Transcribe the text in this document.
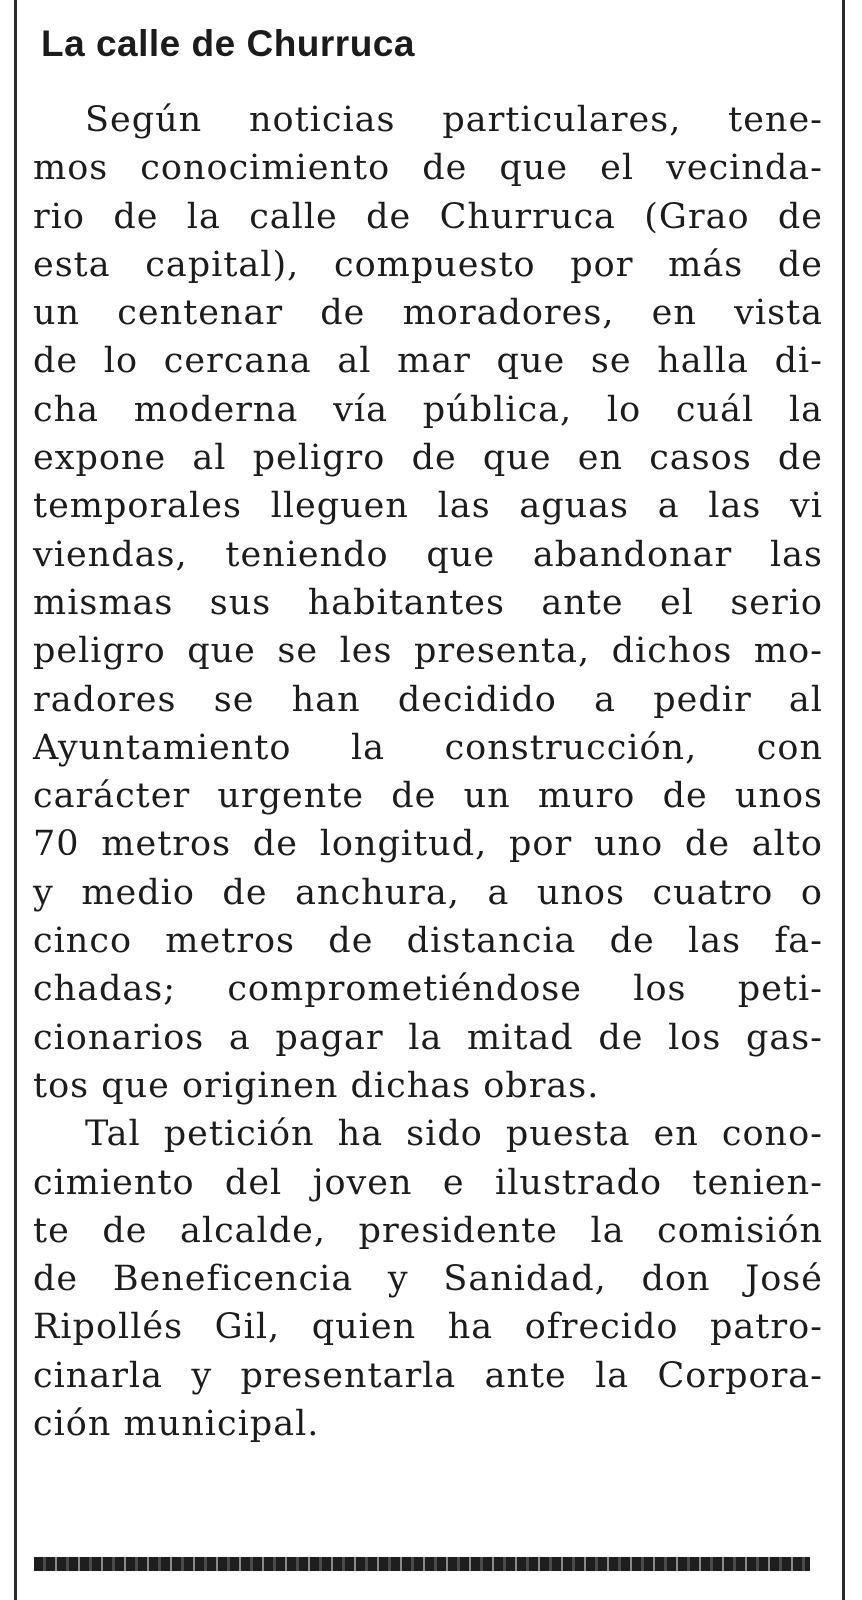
La calle de Churruca
Según noticias particulares, tene-
mos conocimiento de que el vecinda-
rio de la calle de Churruca (Grao de
esta capital), compuesto por más de
un centenar de moradores, en vista
de lo cercana al mar que se halla di-
cha moderna vía pública, lo cuál la
expone al peligro de que en casos de
temporales lleguen las aguas a las vi
viendas, teniendo que abandonar las
mismas sus habitantes ante el serio
peligro que se les presenta, dichos mo-
radores se han decidido a pedir al
Ayuntamiento la construcción, con
carácter urgente de un muro de unos
70 metros de longitud, por uno de alto
y medio de anchura, a unos cuatro o
cinco metros de distancia de las fa-
chadas; comprometiéndose los peti-
cionarios a pagar la mitad de los gas-
tos que originen dichas obras.
Tal petición ha sido puesta en cono-
cimiento del joven e ilustrado tenien-
te de alcalde, presidente la comisión
de Beneficencia y Sanidad, don José
Ripollés Gil, quien ha ofrecido patro-
cinarla y presentarla ante la Corpora-
ción municipal.
